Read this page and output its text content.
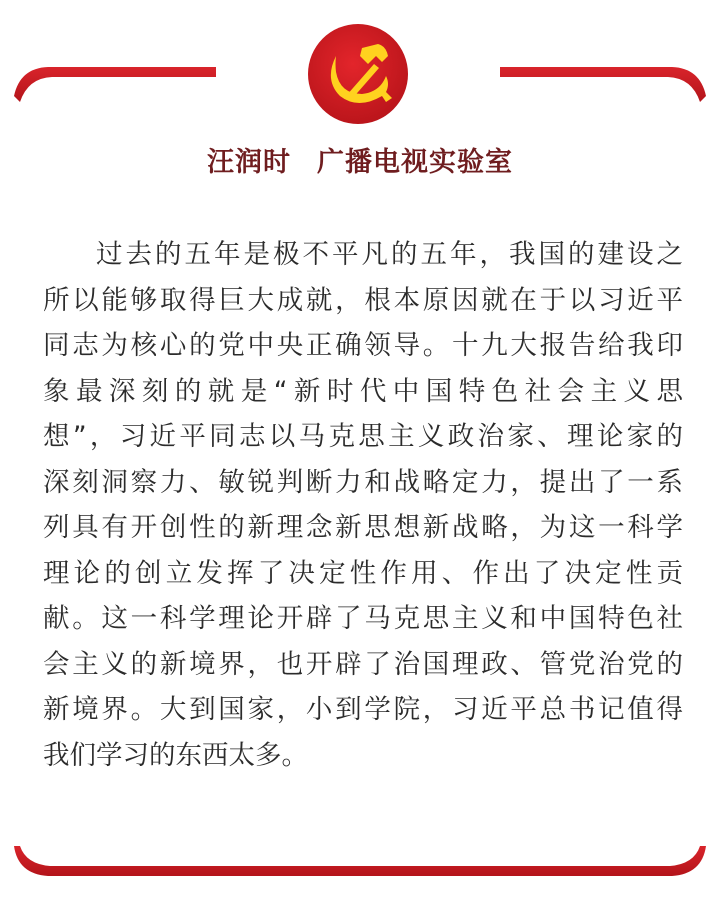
汪润时 广播电视实验室
过去的五年是极不平凡的五年，我国的建设之
所以能够取得巨大成就，根本原因就在于以习近平
同志为核心的党中央正确领导。十九大报告给我印
象最深刻的就是“新时代中国特色社会主义思
想”，习近平同志以马克思主义政治家、理论家的
深刻洞察力、敏锐判断力和战略定力，提出了一系
列具有开创性的新理念新思想新战略，为这一科学
理论的创立发挥了决定性作用、作出了决定性贡
献。这一科学理论开辟了马克思主义和中国特色社
会主义的新境界，也开辟了治国理政、管党治党的
新境界。大到国家，小到学院，习近平总书记值得
我们学习的东西太多。
